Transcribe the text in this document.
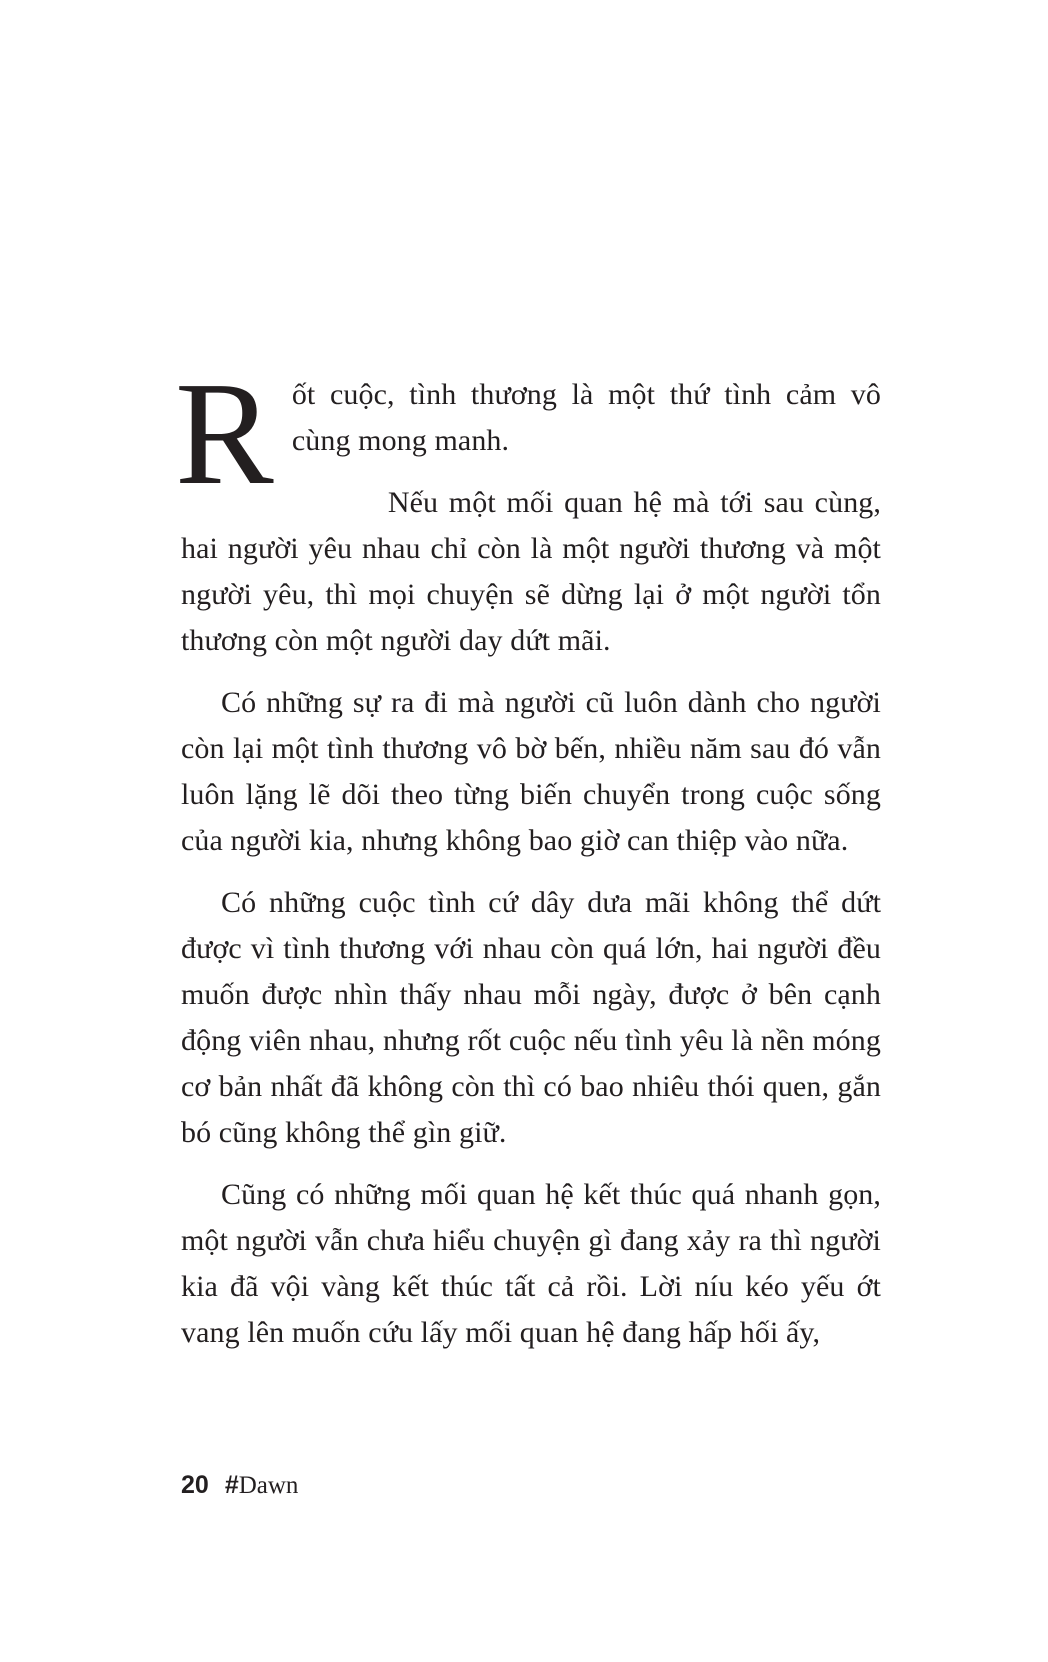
Rốt cuộc, tình thương là một thứ tình cảm vô cùng mong manh.

Nếu một mối quan hệ mà tới sau cùng, hai người yêu nhau chỉ còn là một người thương và một người yêu, thì mọi chuyện sẽ dừng lại ở một người tổn thương còn một người day dứt mãi.

Có những sự ra đi mà người cũ luôn dành cho người còn lại một tình thương vô bờ bến, nhiều năm sau đó vẫn luôn lặng lẽ dõi theo từng biến chuyển trong cuộc sống của người kia, nhưng không bao giờ can thiệp vào nữa.

Có những cuộc tình cứ dây dưa mãi không thể dứt được vì tình thương với nhau còn quá lớn, hai người đều muốn được nhìn thấy nhau mỗi ngày, được ở bên cạnh động viên nhau, nhưng rốt cuộc nếu tình yêu là nền móng cơ bản nhất đã không còn thì có bao nhiêu thói quen, gắn bó cũng không thể gìn giữ.

Cũng có những mối quan hệ kết thúc quá nhanh gọn, một người vẫn chưa hiểu chuyện gì đang xảy ra thì người kia đã vội vàng kết thúc tất cả rồi. Lời níu kéo yếu ớt vang lên muốn cứu lấy mối quan hệ đang hấp hối ấy,

20 #Dawn
